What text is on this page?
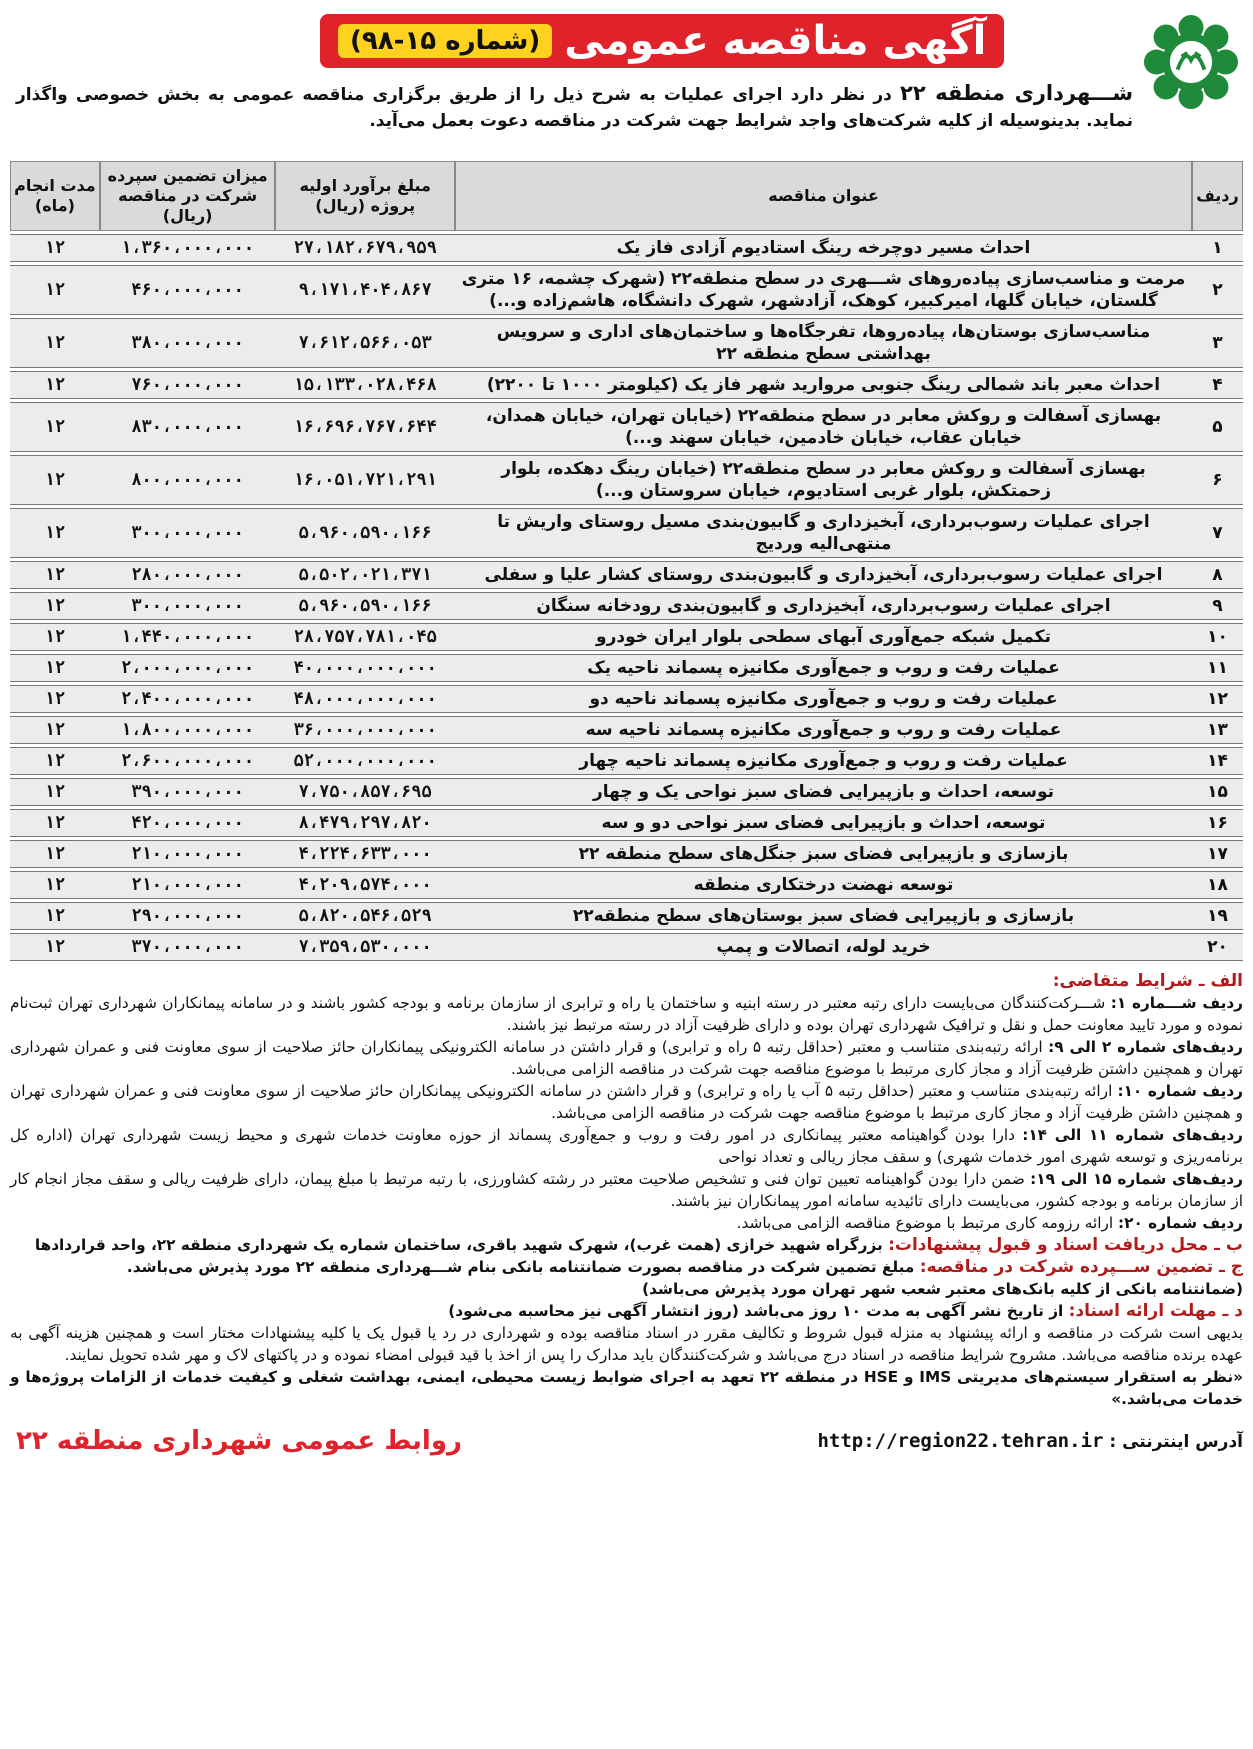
آگهی مناقصه عمومی
(شماره ۱۵-۹۸)
شـــهرداری منطقه ۲۲ در نظر دارد اجرای عملیات به شرح ذیل را از طریق برگزاری مناقصه عمومی به بخش خصوصی واگذار نماید. بدینوسیله از کلیه شرکت‌های واجد شرایط جهت شرکت در مناقصه دعوت بعمل می‌آید.
ردیف	عنوان مناقصه	مبلغ برآورد اولیه پروژه (ریال)	میزان تضمین سپرده شرکت در مناقصه (ریال)	مدت انجام (ماه)
۱	احداث مسیر دوچرخه رینگ استادیوم آزادی فاز یک	۲۷،۱۸۲،۶۷۹،۹۵۹	۱،۳۶۰،۰۰۰،۰۰۰	۱۲
۲	مرمت و مناسب‌سازی پیاده‌روهای شـــهری در سطح منطقه۲۲ (شهرک چشمه، ۱۶ متری گلستان، خیابان گلها، امیرکبیر، کوهک، آزادشهر، شهرک دانشگاه، هاشم‌زاده و...)	۹،۱۷۱،۴۰۴،۸۶۷	۴۶۰،۰۰۰،۰۰۰	۱۲
۳	مناسب‌سازی بوستان‌ها، پیاده‌روها، تفرجگاه‌ها و ساختمان‌های اداری و سرویس بهداشتی سطح منطقه ۲۲	۷،۶۱۲،۵۶۶،۰۵۳	۳۸۰،۰۰۰،۰۰۰	۱۲
۴	احداث معبر باند شمالی رینگ جنوبی مروارید شهر فاز یک (کیلومتر ۱۰۰۰ تا ۲۲۰۰)	۱۵،۱۳۳،۰۲۸،۴۶۸	۷۶۰،۰۰۰،۰۰۰	۱۲
۵	بهسازی آسفالت و روکش معابر در سطح منطقه۲۲ (خیابان تهران، خیابان همدان، خیابان عقاب، خیابان خادمین، خیابان سهند و...)	۱۶،۶۹۶،۷۶۷،۶۴۴	۸۳۰،۰۰۰،۰۰۰	۱۲
۶	بهسازی آسفالت و روکش معابر در سطح منطقه۲۲ (خیابان رینگ دهکده، بلوار زحمتکش، بلوار غربی استادیوم، خیابان سروستان و...)	۱۶،۰۵۱،۷۲۱،۲۹۱	۸۰۰،۰۰۰،۰۰۰	۱۲
۷	اجرای عملیات رسوب‌برداری، آبخیزداری و گابیون‌بندی مسیل روستای واریش تا منتهی‌الیه وردیج	۵،۹۶۰،۵۹۰،۱۶۶	۳۰۰،۰۰۰،۰۰۰	۱۲
۸	اجرای عملیات رسوب‌برداری، آبخیزداری و گابیون‌بندی روستای کشار علیا و سفلی	۵،۵۰۲،۰۲۱،۳۷۱	۲۸۰،۰۰۰،۰۰۰	۱۲
۹	اجرای عملیات رسوب‌برداری، آبخیزداری و گابیون‌بندی رودخانه سنگان	۵،۹۶۰،۵۹۰،۱۶۶	۳۰۰،۰۰۰،۰۰۰	۱۲
۱۰	تکمیل شبکه جمع‌آوری آبهای سطحی بلوار ایران خودرو	۲۸،۷۵۷،۷۸۱،۰۴۵	۱،۴۴۰،۰۰۰،۰۰۰	۱۲
۱۱	عملیات رفت و روب و جمع‌آوری مکانیزه پسماند ناحیه یک	۴۰،۰۰۰،۰۰۰،۰۰۰	۲،۰۰۰،۰۰۰،۰۰۰	۱۲
۱۲	عملیات رفت و روب و جمع‌آوری مکانیزه پسماند ناحیه دو	۴۸،۰۰۰،۰۰۰،۰۰۰	۲،۴۰۰،۰۰۰،۰۰۰	۱۲
۱۳	عملیات رفت و روب و جمع‌آوری مکانیزه پسماند ناحیه سه	۳۶،۰۰۰،۰۰۰،۰۰۰	۱،۸۰۰،۰۰۰،۰۰۰	۱۲
۱۴	عملیات رفت و روب و جمع‌آوری مکانیزه پسماند ناحیه چهار	۵۲،۰۰۰،۰۰۰،۰۰۰	۲،۶۰۰،۰۰۰،۰۰۰	۱۲
۱۵	توسعه، احداث و بازپیرایی فضای سبز نواحی یک و چهار	۷،۷۵۰،۸۵۷،۶۹۵	۳۹۰،۰۰۰،۰۰۰	۱۲
۱۶	توسعه، احداث و بازپیرایی فضای سبز نواحی دو و سه	۸،۴۷۹،۲۹۷،۸۲۰	۴۲۰،۰۰۰،۰۰۰	۱۲
۱۷	بازسازی و بازپیرایی فضای سبز جنگل‌های سطح منطقه ۲۲	۴،۲۲۴،۶۳۳،۰۰۰	۲۱۰،۰۰۰،۰۰۰	۱۲
۱۸	توسعه نهضت درختکاری منطقه	۴،۲۰۹،۵۷۴،۰۰۰	۲۱۰،۰۰۰،۰۰۰	۱۲
۱۹	بازسازی و بازپیرایی فضای سبز بوستان‌های سطح منطقه۲۲	۵،۸۲۰،۵۴۶،۵۲۹	۲۹۰،۰۰۰،۰۰۰	۱۲
۲۰	خرید لوله، اتصالات و پمپ	۷،۳۵۹،۵۳۰،۰۰۰	۳۷۰،۰۰۰،۰۰۰	۱۲

الف ـ شرایط متقاضی:

ردیف شـــماره ۱: شـــرکت‌کنندگان می‌بایست دارای رتبه معتبر در رسته ابنیه و ساختمان یا راه و ترابری از سازمان برنامه و بودجه کشور باشند و در سامانه پیمانکاران شهرداری تهران ثبت‌نام نموده و مورد تایید معاونت حمل و نقل و ترافیک شهرداری تهران بوده و دارای ظرفیت آزاد در رسته مرتبط نیز باشند.

ردیف‌های شماره ۲ الی ۹: ارائه رتبه‌بندی متناسب و معتبر (حداقل رتبه ۵ راه و ترابری) و قرار داشتن در سامانه الکترونیکی پیمانکاران حائز صلاحیت از سوی معاونت فنی و عمران شهرداری تهران و همچنین داشتن ظرفیت آزاد و مجاز کاری مرتبط با موضوع مناقصه جهت شرکت در مناقصه الزامی می‌باشد.

ردیف شماره ۱۰: ارائه رتبه‌بندی متناسب و معتبر (حداقل رتبه ۵ آب یا راه و ترابری) و قرار داشتن در سامانه الکترونیکی پیمانکاران حائز صلاحیت از سوی معاونت فنی و عمران شهرداری تهران و همچنین داشتن ظرفیت آزاد و مجاز کاری مرتبط با موضوع مناقصه جهت شرکت در مناقصه الزامی می‌باشد.

ردیف‌های شماره ۱۱ الی ۱۴: دارا بودن گواهینامه معتبر پیمانکاری در امور رفت و روب و جمع‌آوری پسماند از حوزه معاونت خدمات شهری و محیط زیست شهرداری تهران (اداره کل برنامه‌ریزی و توسعه شهری امور خدمات شهری) و سقف مجاز ریالی و تعداد نواحی

ردیف‌های شماره ۱۵ الی ۱۹: ضمن دارا بودن گواهینامه تعیین توان فنی و تشخیص صلاحیت معتبر در رشته کشاورزی، با رتبه مرتبط با مبلغ پیمان، دارای ظرفیت ریالی و سقف مجاز انجام کار از سازمان برنامه و بودجه کشور، می‌بایست دارای تائیدیه سامانه امور پیمانکاران نیز باشند.

ردیف شماره ۲۰: ارائه رزومه کاری مرتبط با موضوع مناقصه الزامی می‌باشد.

ب ـ محل دریافت اسناد و قبول پیشنهادات: بزرگراه شهید خرازی (همت غرب)، شهرک شهید باقری، ساختمان شماره یک شهرداری منطقه ۲۲، واحد قراردادها

ج ـ تضمین ســـپرده شرکت در مناقصه: مبلغ تضمین شرکت در مناقصه بصورت ضمانتنامه بانکی بنام شـــهرداری منطقه ۲۲ مورد پذیرش می‌باشد.

(ضمانتنامه بانکی از کلیه بانک‌های معتبر شعب شهر تهران مورد پذیرش می‌باشد)

د ـ مهلت ارائه اسناد: از تاریخ نشر آگهی به مدت ۱۰ روز می‌باشد (روز انتشار آگهی نیز محاسبه می‌شود)

بدیهی است شرکت در مناقصه و ارائه پیشنهاد به منزله قبول شروط و تکالیف مقرر در اسناد مناقصه بوده و شهرداری در رد یا قبول یک یا کلیه پیشنهادات مختار است و همچنین هزینه آگهی به عهده برنده مناقصه می‌باشد. مشروح شرایط مناقصه در اسناد درج می‌باشد و شرکت‌کنندگان باید مدارک را پس از اخذ با قید قبولی امضاء نموده و در پاکتهای لاک و مهر شده تحویل نمایند.

«نظر به استقرار سیستم‌های مدیریتی IMS و HSE در منطقه ۲۲ تعهد به اجرای ضوابط زیست محیطی، ایمنی، بهداشت شغلی و کیفیت خدمات از الزامات پروژه‌ها و خدمات می‌باشد.»

آدرس اینترنتی : http://region22.tehran.ir
روابط عمومی شهرداری منطقه ۲۲
